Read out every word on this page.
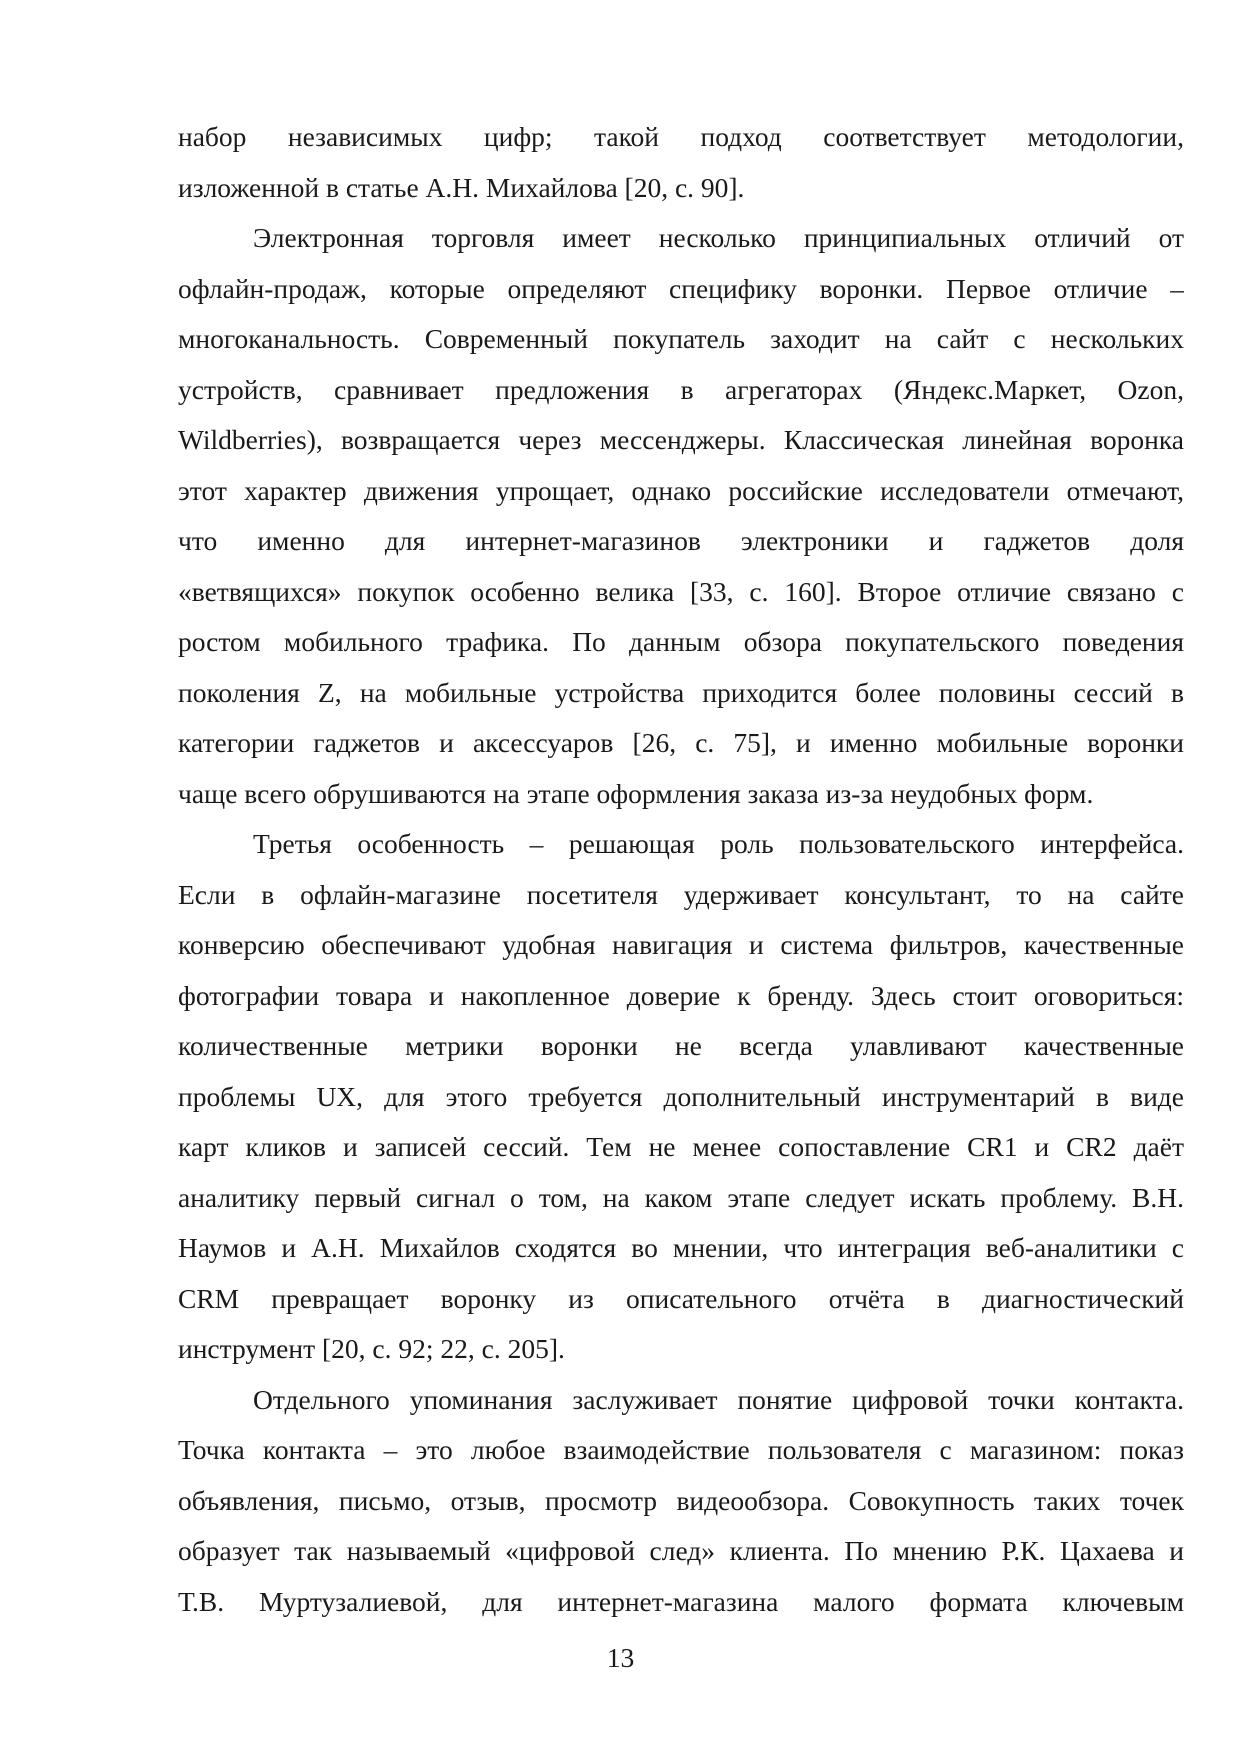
набор независимых цифр; такой подход соответствует методологии,
изложенной в статье А.Н. Михайлова [20, с. 90].
Электронная торговля имеет несколько принципиальных отличий от
офлайн-продаж, которые определяют специфику воронки. Первое отличие –
многоканальность. Современный покупатель заходит на сайт с нескольких
устройств, сравнивает предложения в агрегаторах (Яндекс.Маркет, Ozon,
Wildberries), возвращается через мессенджеры. Классическая линейная воронка
этот характер движения упрощает, однако российские исследователи отмечают,
что именно для интернет-магазинов электроники и гаджетов доля
«ветвящихся» покупок особенно велика [33, с. 160]. Второе отличие связано с
ростом мобильного трафика. По данным обзора покупательского поведения
поколения Z, на мобильные устройства приходится более половины сессий в
категории гаджетов и аксессуаров [26, с. 75], и именно мобильные воронки
чаще всего обрушиваются на этапе оформления заказа из-за неудобных форм.
Третья особенность – решающая роль пользовательского интерфейса.
Если в офлайн-магазине посетителя удерживает консультант, то на сайте
конверсию обеспечивают удобная навигация и система фильтров, качественные
фотографии товара и накопленное доверие к бренду. Здесь стоит оговориться:
количественные метрики воронки не всегда улавливают качественные
проблемы UX, для этого требуется дополнительный инструментарий в виде
карт кликов и записей сессий. Тем не менее сопоставление CR1 и CR2 даёт
аналитику первый сигнал о том, на каком этапе следует искать проблему. В.Н.
Наумов и А.Н. Михайлов сходятся во мнении, что интеграция веб-аналитики с
CRM превращает воронку из описательного отчёта в диагностический
инструмент [20, с. 92; 22, с. 205].
Отдельного упоминания заслуживает понятие цифровой точки контакта.
Точка контакта – это любое взаимодействие пользователя с магазином: показ
объявления, письмо, отзыв, просмотр видеообзора. Совокупность таких точек
образует так называемый «цифровой след» клиента. По мнению Р.К. Цахаева и
Т.В. Муртузалиевой, для интернет-магазина малого формата ключевым
13
